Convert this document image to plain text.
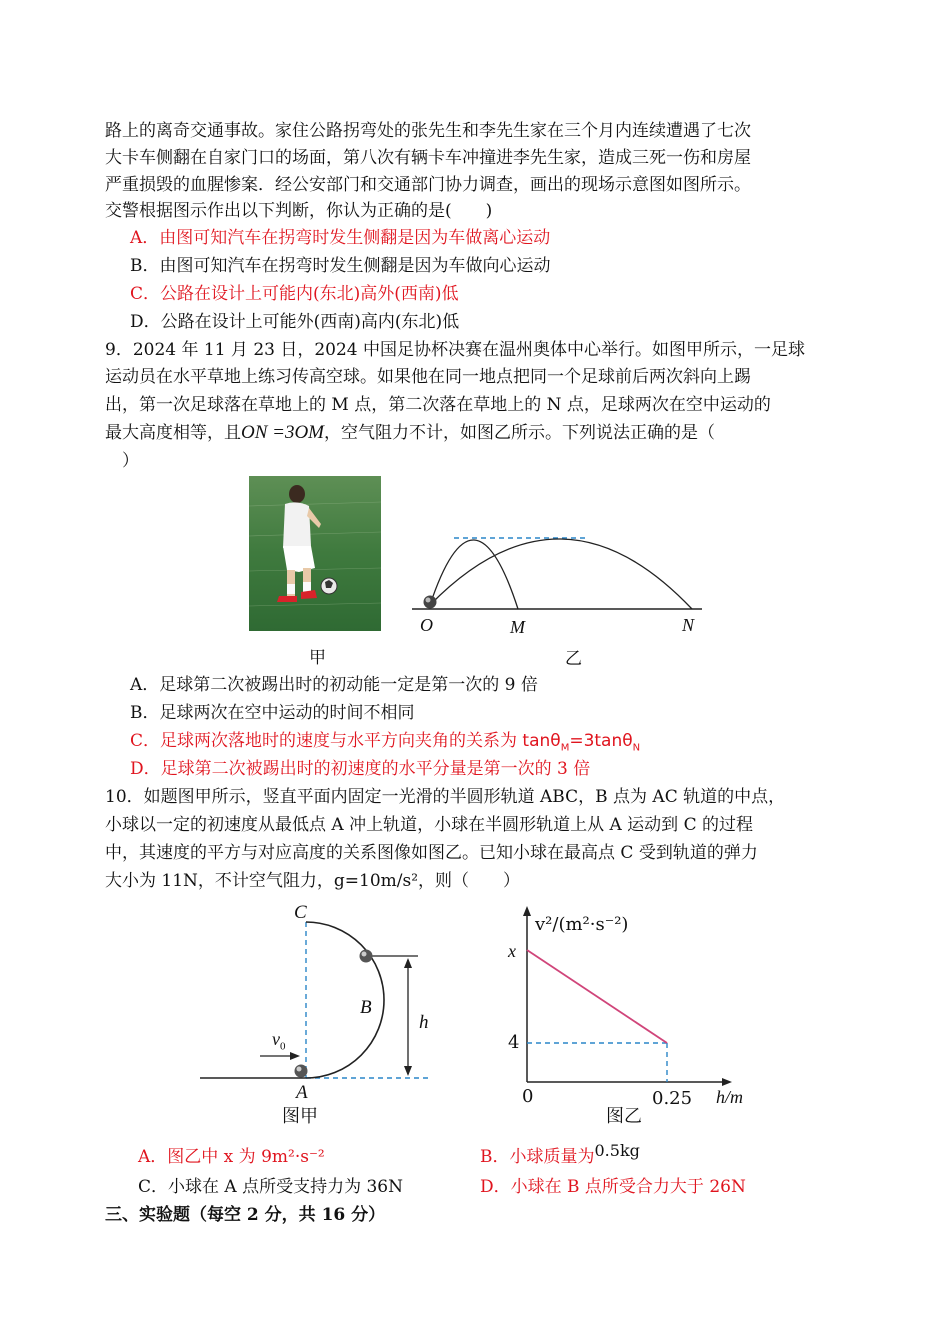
路上的离奇交通事故。家住公路拐弯处的张先生和李先生家在三个月内连续遭遇了七次
大卡车侧翻在自家门口的场面，第八次有辆卡车冲撞进李先生家，造成三死一伤和房屋
严重损毁的血腥惨案．经公安部门和交通部门协力调查，画出的现场示意图如图所示。
交警根据图示作出以下判断，你认为正确的是(　　)
A．由图可知汽车在拐弯时发生侧翻是因为车做离心运动
B．由图可知汽车在拐弯时发生侧翻是因为车做向心运动
C．公路在设计上可能内(东北)高外(西南)低
D．公路在设计上可能外(西南)高内(东北)低
9．2024 年 11 月 23 日，2024 中国足协杯决赛在温州奥体中心举行。如图甲所示，一足球
运动员在水平草地上练习传高空球。如果他在同一地点把同一个足球前后两次斜向上踢
出，第一次足球落在草地上的 M 点，第二次落在草地上的 N 点，足球两次在空中运动的
最大高度相等，且ON =3OM，空气阻力不计，如图乙所示。下列说法正确的是（
）
O	M	N
甲	乙
A．足球第二次被踢出时的初动能一定是第一次的 9 倍
B．足球两次在空中运动的时间不相同
C．足球两次落地时的速度与水平方向夹角的关系为 tanθ$_M$=3tanθ$_N$
D．足球第二次被踢出时的初速度的水平分量是第一次的 3 倍
10．如题图甲所示，竖直平面内固定一光滑的半圆形轨道 ABC，B 点为 AC 轨道的中点，
小球以一定的初速度从最低点 A 冲上轨道，小球在半圆形轨道上从 A 运动到 C 的过程
中，其速度的平方与对应高度的关系图像如图乙。已知小球在最高点 C 受到轨道的弹力
大小为 11N，不计空气阻力，g=10m/s²，则（　　）
C
B
A
h
$v_0$
图甲
v²/(m²·s⁻²)
x
4
0	0.25 h/m
图乙
A．图乙中 x 为 9m²·s⁻²	B．小球质量为0.5kg
C．小球在 A 点所受支持力为 36N	D．小球在 B 点所受合力大于 26N
三、实验题（每空 2 分，共 16 分）
